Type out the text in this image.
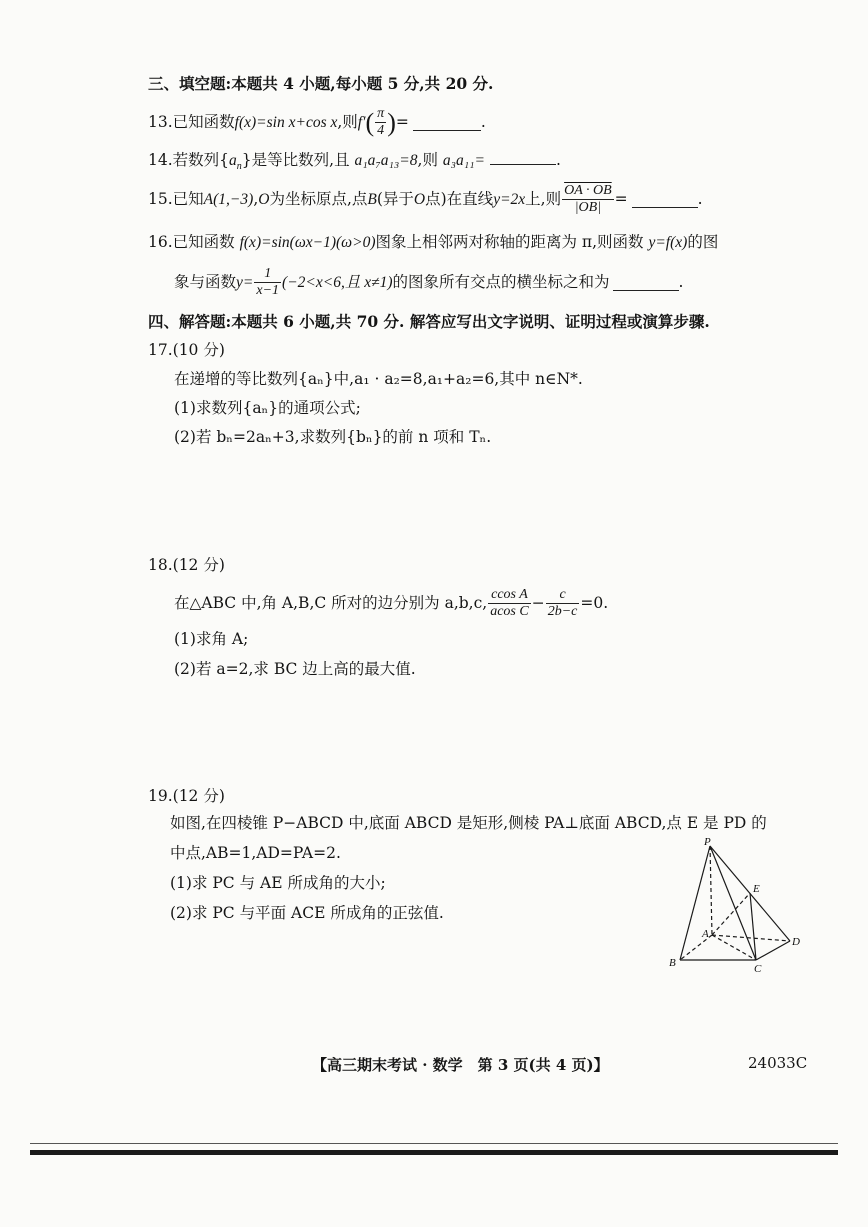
三、填空题:本题共 4 小题,每小题 5 分,共 20 分.
13. 已知函数 f(x)=sin x+cos x ,则 f′ ( $\frac{\pi}{4}$ ) =	.
14.若数列$\{a_n\}$是等比数列,且 a₁a₇a₁₃=8,则 a₃a₁₁=	.
15. 已知 A(1,−3) , O 为坐标原点,点 B (异于 O 点)在直线 y=2x 上,则 $\frac{OA \cdot OB}{|OB|}$ =	.
16.已知函数 f(x)=sin(ωx−1)(ω>0)图象上相邻两对称轴的距离为 π,则函数 y=f(x)的图
象与函数 $y= \frac{1}{x-1} (-2<x<6$,且 x≠1) 的图象所有交点的横坐标之和为	.
四、解答题:本题共 6 小题,共 70 分. 解答应写出文字说明、证明过程或演算步骤.
17.(10 分)
在递增的等比数列{aₙ}中,a₁ · a₂=8,a₁+a₂=6,其中 n∈N*.
(1)求数列{aₙ}的通项公式;
(2)若 bₙ=2aₙ+3,求数列{bₙ}的前 n 项和 Tₙ.
18.(12 分)
在△ABC 中,角 A,B,C 所对的边分别为 a,b,c, $\frac{\text{ccos A}}{\text{acos C}} - \frac{c}{2b-c} =0$.
(1)求角 A;
(2)若 a=2,求 BC 边上高的最大值.
19.(12 分)
如图,在四棱锥 P−ABCD 中,底面 ABCD 是矩形,侧棱 PA⊥底面 ABCD,点 E 是 PD 的
中点,AB=1,AD=PA=2.
(1)求 PC 与 AE 所成角的大小;
(2)求 PC 与平面 ACE 所成角的正弦值.
P
E
A
D
B	C
【高三期末考试 · 数学　第 3 页(共 4 页)】	24033C
